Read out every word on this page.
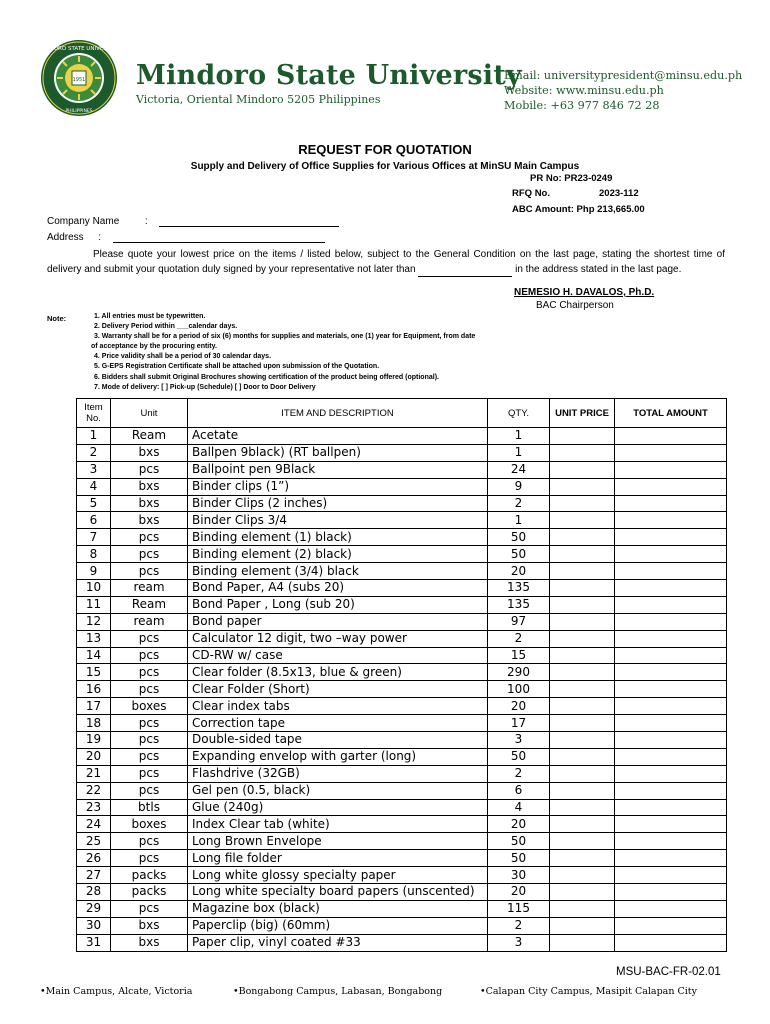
1951
MINDORO STATE UNIVERSITY
PHILIPPINES
Mindoro State University
Victoria, Oriental Mindoro 5205 Philippines
Email: universitypresident@minsu.edu.ph
Website: www.minsu.edu.ph
Mobile: +63 977 846 72 28
REQUEST FOR QUOTATION
Supply and Delivery of Office Supplies for Various Offices at MinSU Main Campus
PR No: PR23-0249
RFQ No.	2023-112
ABC Amount: Php 213,665.00
Company Name	:
Address :
Please quote your lowest price on the items / listed below, subject to the General Condition on the last page, stating the shortest time of delivery and submit your quotation duly signed by your representative not later than	in the address stated in the last page.
NEMESIO H. DAVALOS, Ph.D.
BAC Chairperson
Note:	1. All entries must be typewritten.
2. Delivery Period within ___calendar days.
3. Warranty shall be for a period of six (6) months for supplies and materials, one (1) year for Equipment, from date
of acceptance by the procuring entity.
4. Price validity shall be a period of 30 calendar days.
5. G-EPS Registration Certificate shall be attached upon submission of the Quotation.
6. Bidders shall submit Original Brochures showing certification of the product being offered (optional).
7. Mode of delivery: [ ] Pick-up (Schedule) [ ] Door to Door Delivery
Item No.	Unit	ITEM AND DESCRIPTION	QTY.	UNIT PRICE	TOTAL AMOUNT
1	Ream	Acetate	1		
2	bxs	Ballpen 9black) (RT ballpen)	1		
3	pcs	Ballpoint pen 9Black	24		
4	bxs	Binder clips (1”)	9		
5	bxs	Binder Clips (2 inches)	2		
6	bxs	Binder Clips 3/4	1		
7	pcs	Binding element (1) black)	50		
8	pcs	Binding element (2) black)	50		
9	pcs	Binding element (3/4) black	20		
10	ream	Bond Paper, A4 (subs 20)	135		
11	Ream	Bond Paper , Long (sub 20)	135		
12	ream	Bond paper	97		
13	pcs	Calculator 12 digit, two –way power	2		
14	pcs	CD-RW w/ case	15		
15	pcs	Clear folder (8.5x13, blue & green)	290		
16	pcs	Clear Folder (Short)	100		
17	boxes	Clear index tabs	20		
18	pcs	Correction tape	17		
19	pcs	Double-sided tape	3		
20	pcs	Expanding envelop with garter (long)	50		
21	pcs	Flashdrive (32GB)	2		
22	pcs	Gel pen (0.5, black)	6		
23	btls	Glue (240g)	4		
24	boxes	Index Clear tab (white)	20		
25	pcs	Long Brown Envelope	50		
26	pcs	Long file folder	50		
27	packs	Long white glossy specialty paper	30		
28	packs	Long white specialty board papers (unscented)	20		
29	pcs	Magazine box (black)	115		
30	bxs	Paperclip (big) (60mm)	2		
31	bxs	Paper clip, vinyl coated #33	3		
MSU-BAC-FR-02.01
•Main Campus, Alcate, Victoria	•Bongabong Campus, Labasan, Bongabong	•Calapan City Campus, Masipit Calapan City
